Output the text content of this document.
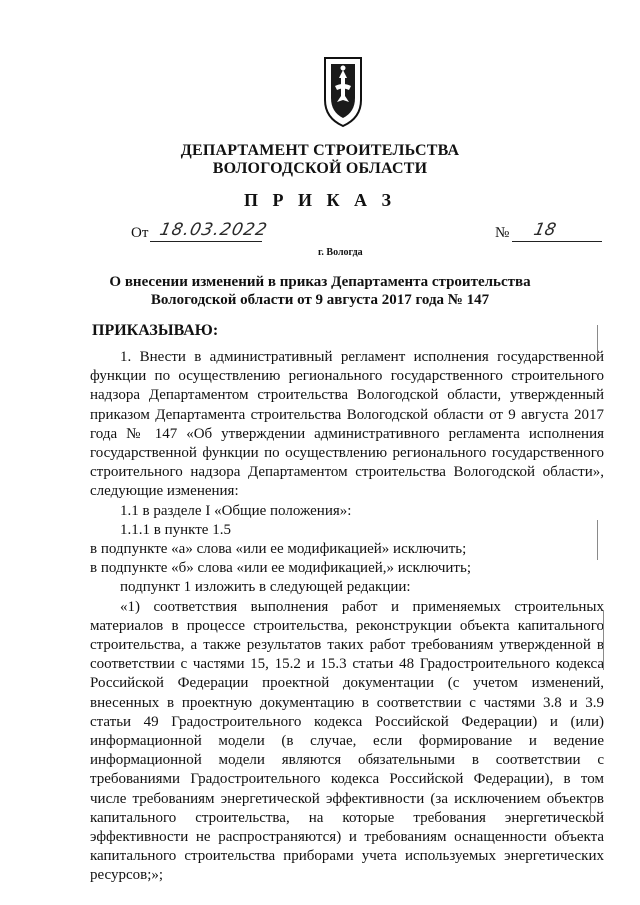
ДЕПАРТАМЕНТ СТРОИТЕЛЬСТВА
ВОЛОГОДСКОЙ ОБЛАСТИ
П Р И К А З
От 18.03.2022
г. Вологда
№ 18
О внесении изменений в приказ Департамента строительства
Вологодской области от 9 августа 2017 года № 147
ПРИКАЗЫВАЮ:

1. Внести в административный регламент исполнения государственной функции по осуществлению регионального государственного строительного надзора Департаментом строительства Вологодской области, утвержденный приказом Департамента строительства Вологодской области от 9 августа 2017 года № 147 «Об утверждении административного регламента исполнения государственной функции по осуществлению регионального государственного строительного надзора Департаментом строительства Вологодской области», следующие изменения:

1.1 в разделе I «Общие положения»:

1.1.1 в пункте 1.5

в подпункте «а» слова «или ее модификацией» исключить;

в подпункте «б» слова «или ее модификацией,» исключить;

подпункт 1 изложить в следующей редакции:

«1) соответствия выполнения работ и применяемых строительных материалов в процессе строительства, реконструкции объекта капитального строительства, а также результатов таких работ требованиям утвержденной в соответствии с частями 15, 15.2 и 15.3 статьи 48 Градостроительного кодекса Российской Федерации проектной документации (с учетом изменений, внесенных в проектную документацию в соответствии с частями 3.8 и 3.9 статьи 49 Градостроительного кодекса Российской Федерации) и (или) информационной модели (в случае, если формирование и ведение информационной модели являются обязательными в соответствии с требованиями Градостроительного кодекса Российской Федерации), в том числе требованиям энергетической эффективности (за исключением объектов капитального строительства, на которые требования энергетической эффективности не распространяются) и требованиям оснащенности объекта капитального строительства приборами учета используемых энергетических ресурсов;»;
